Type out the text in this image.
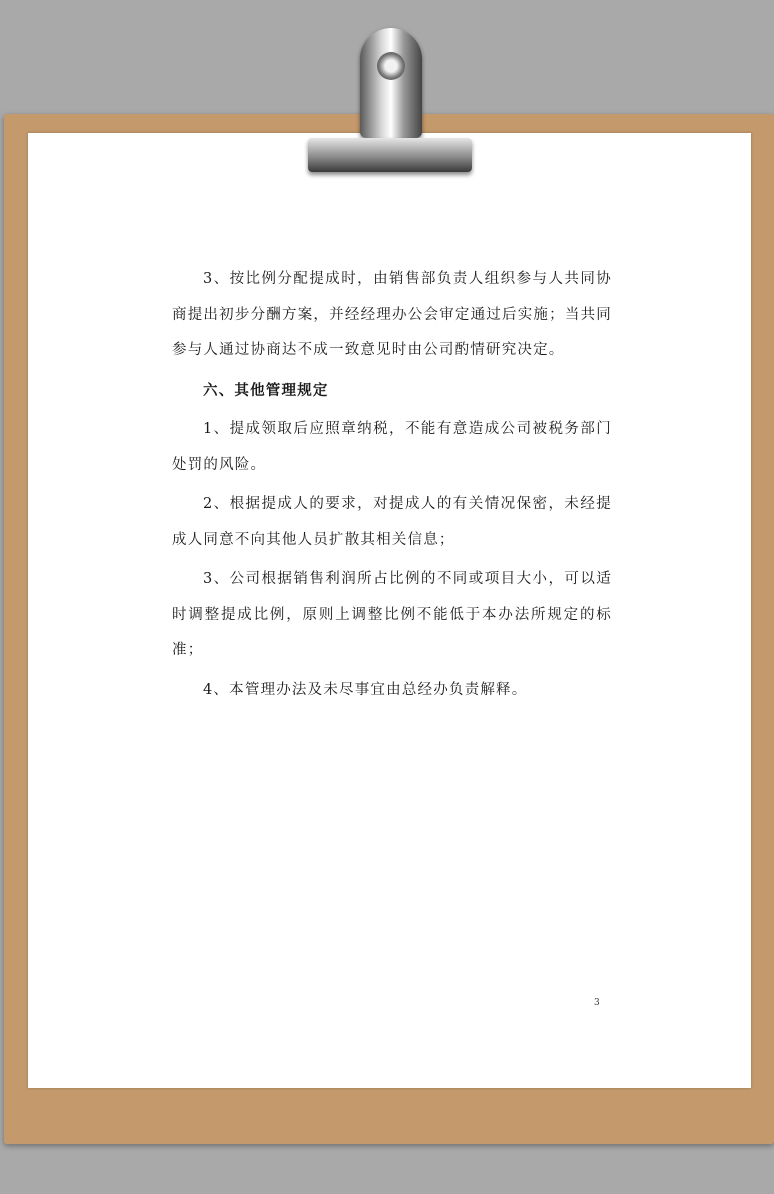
3、按比例分配提成时，由销售部负责人组织参与人共同协商提出初步分酬方案，并经经理办公会审定通过后实施；当共同参与人通过协商达不成一致意见时由公司酌情研究决定。

六、其他管理规定

1、提成领取后应照章纳税，不能有意造成公司被税务部门处罚的风险。

2、根据提成人的要求，对提成人的有关情况保密，未经提成人同意不向其他人员扩散其相关信息；

3、公司根据销售利润所占比例的不同或项目大小，可以适时调整提成比例，原则上调整比例不能低于本办法所规定的标准；

4、本管理办法及未尽事宜由总经办负责解释。

3
